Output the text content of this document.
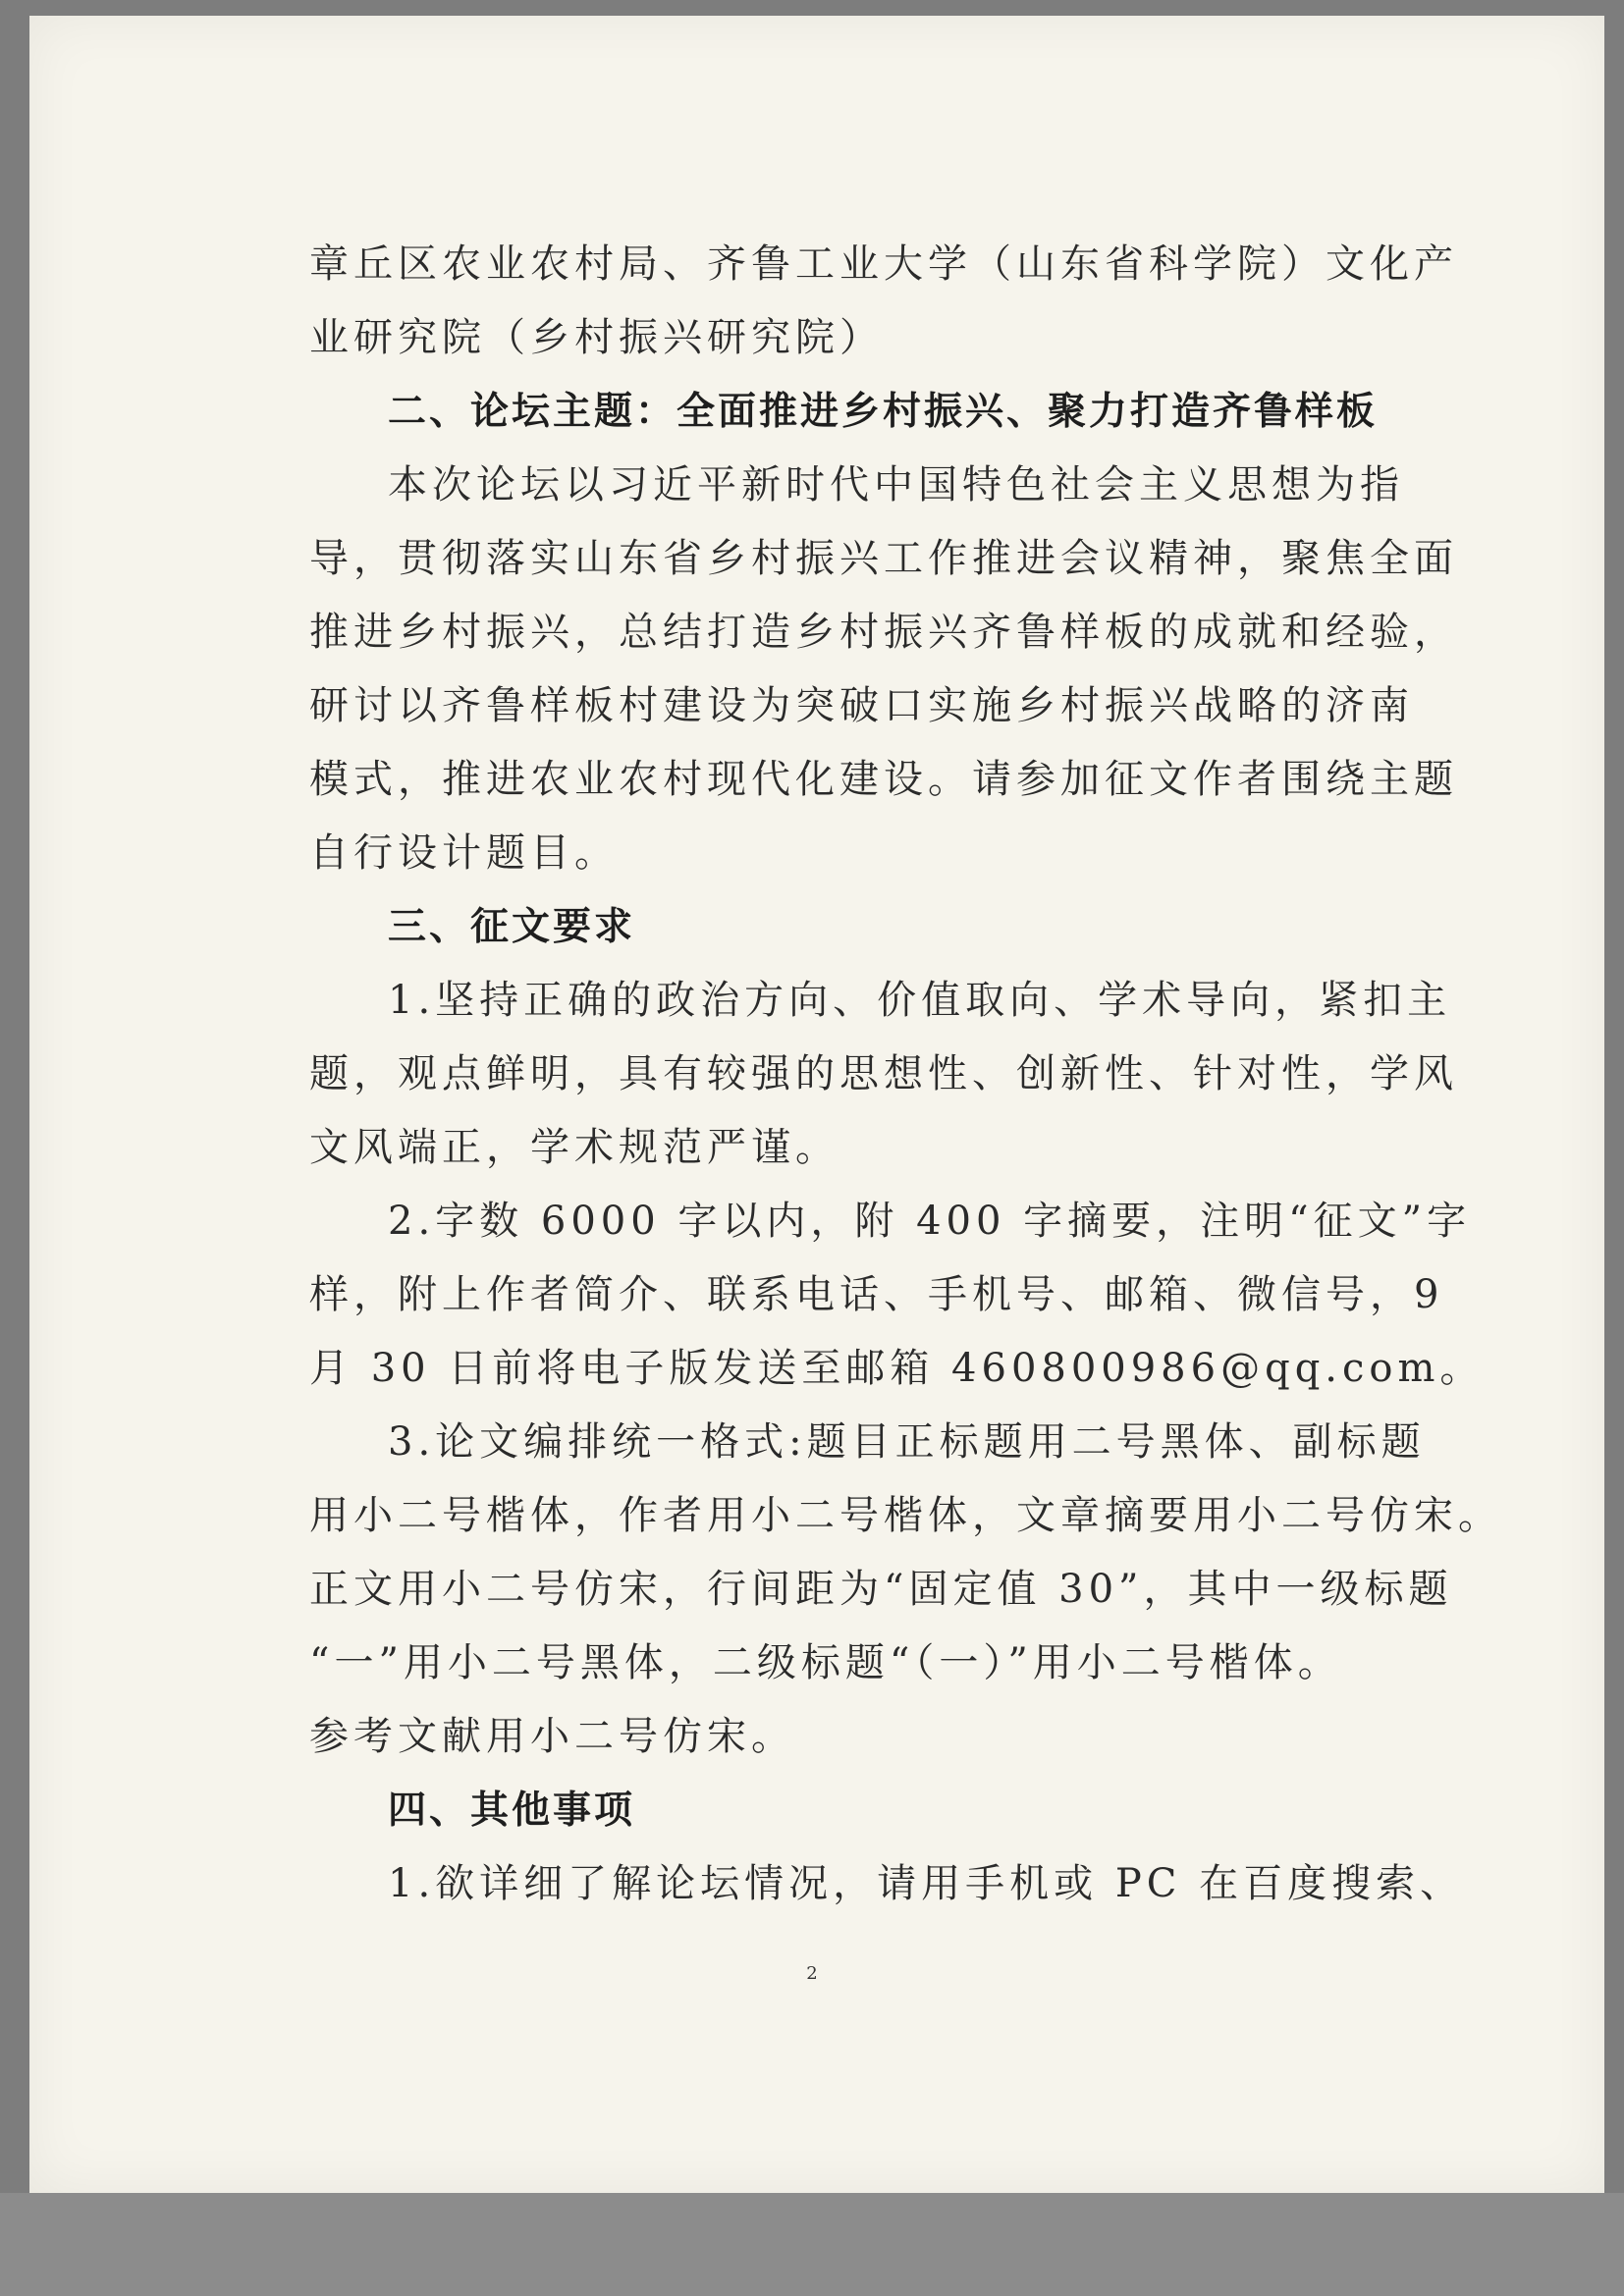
章丘区农业农村局、齐鲁工业大学（山东省科学院）文化产
业研究院（乡村振兴研究院）
二、论坛主题：全面推进乡村振兴、聚力打造齐鲁样板
本次论坛以习近平新时代中国特色社会主义思想为指
导，贯彻落实山东省乡村振兴工作推进会议精神，聚焦全面
推进乡村振兴，总结打造乡村振兴齐鲁样板的成就和经验，
研讨以齐鲁样板村建设为突破口实施乡村振兴战略的济南
模式，推进农业农村现代化建设。请参加征文作者围绕主题
自行设计题目。
三、征文要求
1.坚持正确的政治方向、价值取向、学术导向，紧扣主
题，观点鲜明，具有较强的思想性、创新性、针对性，学风
文风端正，学术规范严谨。
2.字数 6000 字以内，附 400 字摘要，注明“征文”字
样，附上作者简介、联系电话、手机号、邮箱、微信号，9
月 30 日前将电子版发送至邮箱 460800986@qq.com。
3.论文编排统一格式:题目正标题用二号黑体、副标题
用小二号楷体，作者用小二号楷体，文章摘要用小二号仿宋。
正文用小二号仿宋，行间距为“固定值 30”，其中一级标题
“一”用小二号黑体，二级标题“（一）”用小二号楷体。
参考文献用小二号仿宋。
四、其他事项
1.欲详细了解论坛情况，请用手机或 PC 在百度搜索、
2
